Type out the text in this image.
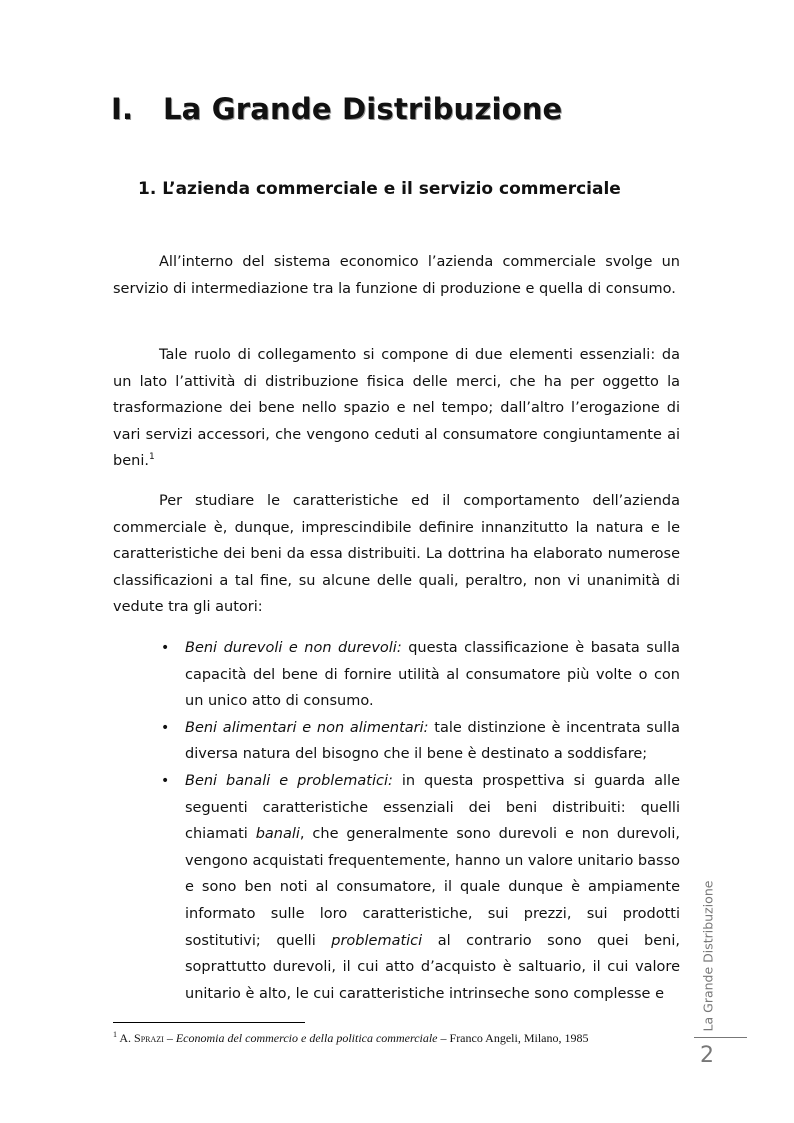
I. La Grande Distribuzione
1. L’azienda commerciale e il servizio commerciale

All’interno del sistema economico l’azienda commerciale svolge un servizio di intermediazione tra la funzione di produzione e quella di consumo.

Tale ruolo di collegamento si compone di due elementi essenziali: da un lato l’attività di distribuzione fisica delle merci, che ha per oggetto la trasformazione dei bene nello spazio e nel tempo; dall’altro l’erogazione di vari servizi accessori, che vengono ceduti al consumatore congiuntamente ai beni.$^1$

Per studiare le caratteristiche ed il comportamento dell’azienda commerciale è, dunque, imprescindibile definire innanzitutto la natura e le caratteristiche dei beni da essa distribuiti. La dottrina ha elaborato numerose classificazioni a tal fine, su alcune delle quali, peraltro, non vi unanimità di vedute tra gli autori:

• Beni durevoli e non durevoli: questa classificazione è basata sulla capacità del bene di fornire utilità al consumatore più volte o con un unico atto di consumo.
• Beni alimentari e non alimentari: tale distinzione è incentrata sulla diversa natura del bisogno che il bene è destinato a soddisfare;
• Beni banali e problematici: in questa prospettiva si guarda alle seguenti caratteristiche essenziali dei beni distribuiti: quelli chiamati banali, che generalmente sono durevoli e non durevoli, vengono acquistati frequentemente, hanno un valore unitario basso e sono ben noti al consumatore, il quale dunque è ampiamente informato sulle loro caratteristiche, sui prezzi, sui prodotti sostitutivi; quelli problematici al contrario sono quei beni, soprattutto durevoli, il cui atto d’acquisto è saltuario, il cui valore unitario è alto, le cui caratteristiche intrinseche sono complesse e
$^1$ A. Sprazi – Economia del commercio e della politica commerciale – Franco Angeli, Milano, 1985
La Grande Distribuzione
2
